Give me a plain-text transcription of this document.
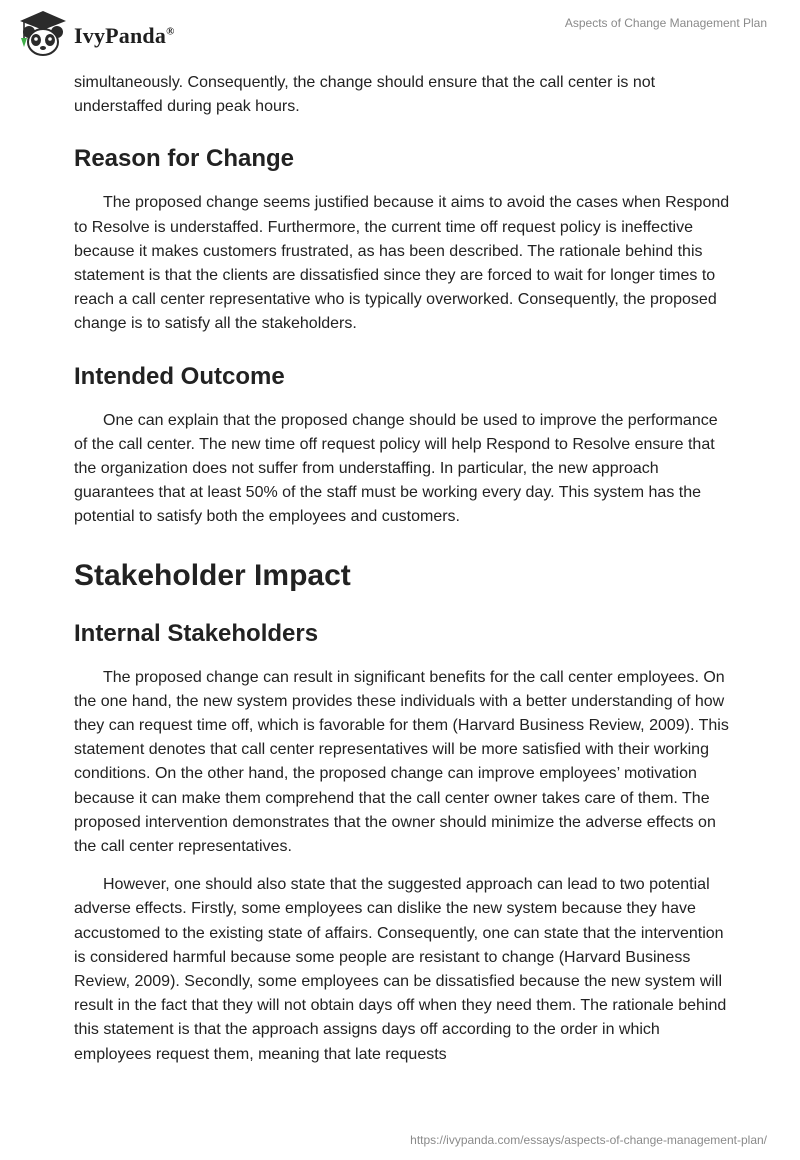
IvyPanda®
Aspects of Change Management Plan

simultaneously. Consequently, the change should ensure that the call center is not understaffed during peak hours.

Reason for Change

The proposed change seems justified because it aims to avoid the cases when Respond to Resolve is understaffed. Furthermore, the current time off request policy is ineffective because it makes customers frustrated, as has been described. The rationale behind this statement is that the clients are dissatisfied since they are forced to wait for longer times to reach a call center representative who is typically overworked. Consequently, the proposed change is to satisfy all the stakeholders.

Intended Outcome

One can explain that the proposed change should be used to improve the performance of the call center. The new time off request policy will help Respond to Resolve ensure that the organization does not suffer from understaffing. In particular, the new approach guarantees that at least 50% of the staff must be working every day. This system has the potential to satisfy both the employees and customers.

Stakeholder Impact
Internal Stakeholders

The proposed change can result in significant benefits for the call center employees. On the one hand, the new system provides these individuals with a better understanding of how they can request time off, which is favorable for them (Harvard Business Review, 2009). This statement denotes that call center representatives will be more satisfied with their working conditions. On the other hand, the proposed change can improve employees’ motivation because it can make them comprehend that the call center owner takes care of them. The proposed intervention demonstrates that the owner should minimize the adverse effects on the call center representatives.

However, one should also state that the suggested approach can lead to two potential adverse effects. Firstly, some employees can dislike the new system because they have accustomed to the existing state of affairs. Consequently, one can state that the intervention is considered harmful because some people are resistant to change (Harvard Business Review, 2009). Secondly, some employees can be dissatisfied because the new system will result in the fact that they will not obtain days off when they need them. The rationale behind this statement is that the approach assigns days off according to the order in which employees request them, meaning that late requests

https://ivypanda.com/essays/aspects-of-change-management-plan/
